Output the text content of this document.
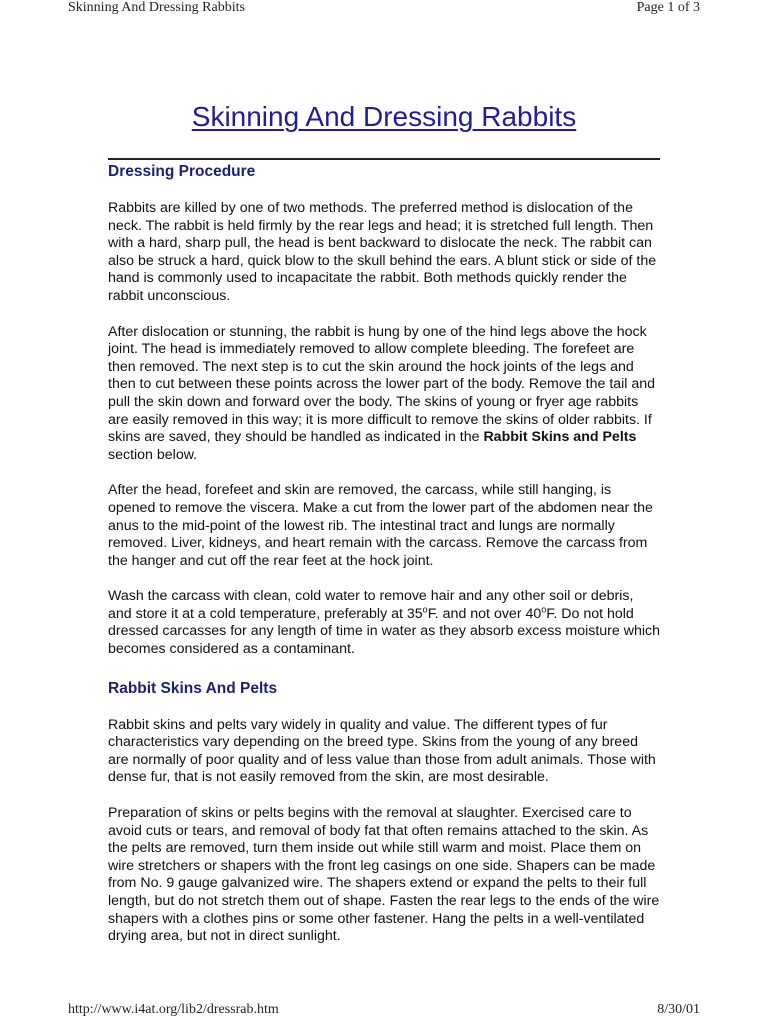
Skinning And Dressing Rabbits	Page 1 of 3
Skinning And Dressing Rabbits
Dressing Procedure

Rabbits are killed by one of two methods. The preferred method is dislocation of the neck. The rabbit is held firmly by the rear legs and head; it is stretched full length. Then with a hard, sharp pull, the head is bent backward to dislocate the neck. The rabbit can also be struck a hard, quick blow to the skull behind the ears. A blunt stick or side of the hand is commonly used to incapacitate the rabbit. Both methods quickly render the rabbit unconscious.

After dislocation or stunning, the rabbit is hung by one of the hind legs above the hock joint. The head is immediately removed to allow complete bleeding. The forefeet are then removed. The next step is to cut the skin around the hock joints of the legs and then to cut between these points across the lower part of the body. Remove the tail and pull the skin down and forward over the body. The skins of young or fryer age rabbits are easily removed in this way; it is more difficult to remove the skins of older rabbits. If skins are saved, they should be handled as indicated in the Rabbit Skins and Pelts section below.

After the head, forefeet and skin are removed, the carcass, while still hanging, is opened to remove the viscera. Make a cut from the lower part of the abdomen near the anus to the mid-point of the lowest rib. The intestinal tract and lungs are normally removed. Liver, kidneys, and heart remain with the carcass. Remove the carcass from the hanger and cut off the rear feet at the hock joint.

Wash the carcass with clean, cold water to remove hair and any other soil or debris, and store it at a cold temperature, preferably at 35$^o$F. and not over 40$^o$F. Do not hold dressed carcasses for any length of time in water as they absorb excess moisture which becomes considered as a contaminant.

Rabbit Skins And Pelts

Rabbit skins and pelts vary widely in quality and value. The different types of fur characteristics vary depending on the breed type. Skins from the young of any breed are normally of poor quality and of less value than those from adult animals. Those with dense fur, that is not easily removed from the skin, are most desirable.

Preparation of skins or pelts begins with the removal at slaughter. Exercised care to avoid cuts or tears, and removal of body fat that often remains attached to the skin. As the pelts are removed, turn them inside out while still warm and moist. Place them on wire stretchers or shapers with the front leg casings on one side. Shapers can be made from No. 9 gauge galvanized wire. The shapers extend or expand the pelts to their full length, but do not stretch them out of shape. Fasten the rear legs to the ends of the wire shapers with a clothes pins or some other fastener. Hang the pelts in a well-ventilated drying area, but not in direct sunlight.

http://www.i4at.org/lib2/dressrab.htm	8/30/01
